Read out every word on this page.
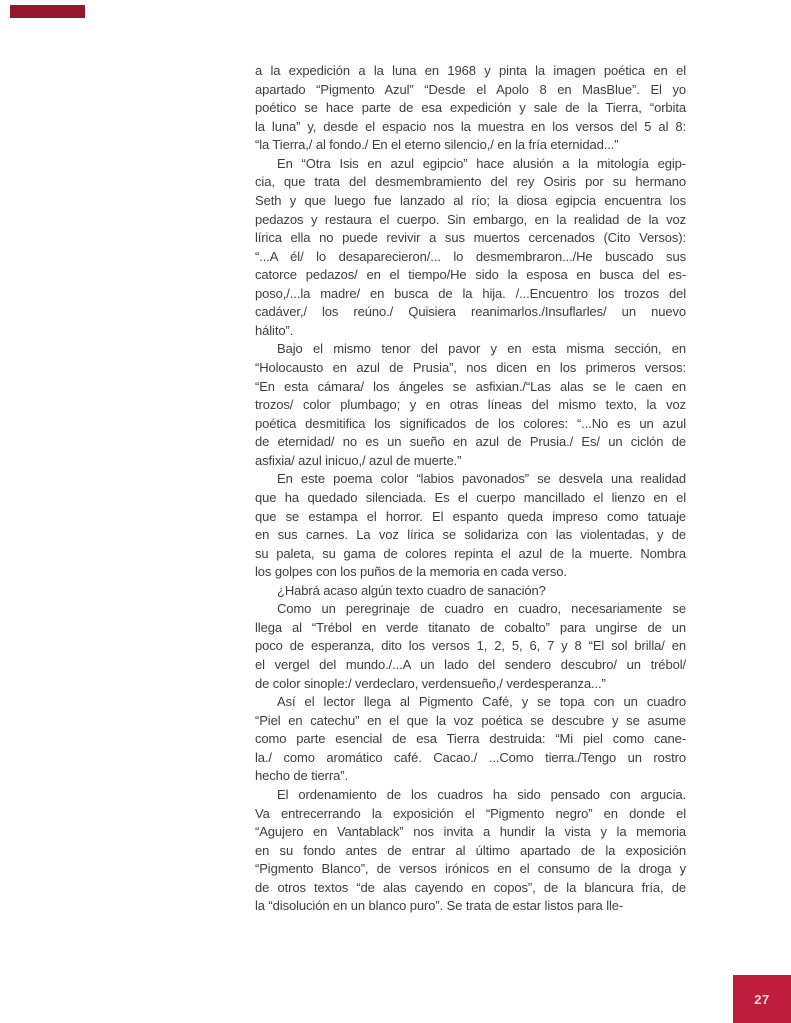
a la expedición a la luna en 1968 y pinta la imagen poética en el
apartado “Pigmento Azul” “Desde el Apolo 8 en MasBlue”. El yo
poético se hace parte de esa expedición y sale de la Tierra, “orbita
la luna” y, desde el espacio nos la muestra en los versos del 5 al 8:
“la Tierra,/ al fondo./ En el eterno silencio,/ en la fría eternidad...”
En “Otra Isis en azul egipcio” hace alusión a la mitología egip-
cia, que trata del desmembramiento del rey Osiris por su hermano
Seth y que luego fue lanzado al río; la diosa egipcia encuentra los
pedazos y restaura el cuerpo. Sin embargo, en la realidad de la voz
lírica ella no puede revivir a sus muertos cercenados (Cito Versos):
“...A él/ lo desaparecieron/... lo desmembraron.../He buscado sus
catorce pedazos/ en el tiempo/He sido la esposa en busca del es-
poso,/...la madre/ en busca de la hija. /...Encuentro los trozos del
cadáver,/ los reúno./ Quisiera reanimarlos./Insuflarles/ un nuevo
hálito”.
Bajo el mismo tenor del pavor y en esta misma sección, en
“Holocausto en azul de Prusia”, nos dicen en los primeros versos:
“En esta cámara/ los ángeles se asfixian./“Las alas se le caen en
trozos/ color plumbago; y en otras líneas del mismo texto, la voz
poética desmitifica los significados de los colores: “...No es un azul
de eternidad/ no es un sueño en azul de Prusia./ Es/ un ciclón de
asfixia/ azul inicuo,/ azul de muerte.”
En este poema color “labios pavonados” se desvela una realidad
que ha quedado silenciada. Es el cuerpo mancillado el lienzo en el
que se estampa el horror. El espanto queda impreso como tatuaje
en sus carnes. La voz lírica se solidariza con las violentadas, y de
su paleta, su gama de colores repinta el azul de la muerte. Nombra
los golpes con los puños de la memoria en cada verso.
¿Habrá acaso algún texto cuadro de sanación?
Como un peregrinaje de cuadro en cuadro, necesariamente se
llega al “Trébol en verde titanato de cobalto” para ungirse de un
poco de esperanza, dito los versos 1, 2, 5, 6, 7 y 8 “El sol brilla/ en
el vergel del mundo./...A un lado del sendero descubro/ un trébol/
de color sinople:/ verdeclaro, verdensueño,/ verdesperanza...”
Así el lector llega al Pigmento Café, y se topa con un cuadro
“Piel en catechu” en el que la voz poética se descubre y se asume
como parte esencial de esa Tierra destruida: “Mi piel como cane-
la./ como aromático café. Cacao./ ...Como tierra./Tengo un rostro
hecho de tierra”.
El ordenamiento de los cuadros ha sido pensado con argucia.
Va entrecerrando la exposición el “Pigmento negro” en donde el
“Agujero en Vantablack” nos invita a hundir la vista y la memoria
en su fondo antes de entrar al último apartado de la exposición
“Pigmento Blanco”, de versos irónicos en el consumo de la droga y
de otros textos “de alas cayendo en copos”, de la blancura fría, de
la “disolución en un blanco puro”. Se trata de estar listos para lle-
27
